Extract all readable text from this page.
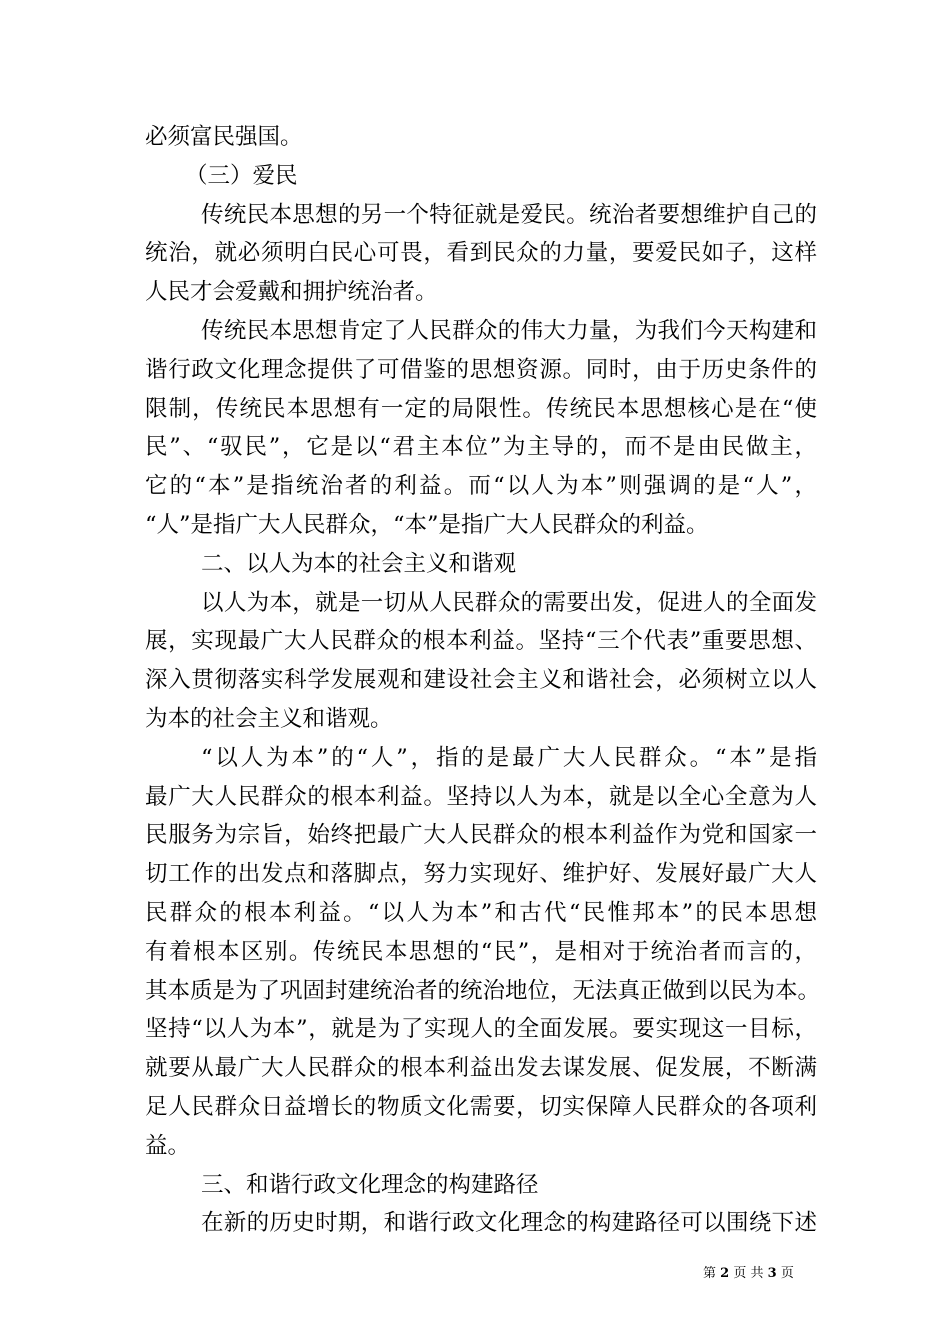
必须富民强国。
（三）爱民
传统民本思想的另一个特征就是爱民。统治者要想维护自己的
统治，就必须明白民心可畏，看到民众的力量，要爱民如子，这样
人民才会爱戴和拥护统治者。
传统民本思想肯定了人民群众的伟大力量，为我们今天构建和
谐行政文化理念提供了可借鉴的思想资源。同时，由于历史条件的
限制，传统民本思想有一定的局限性。传统民本思想核心是在“使
民”、“驭民”，它是以“君主本位”为主导的，而不是由民做主，
它的“本”是指统治者的利益。而“以人为本”则强调的是“人”，
“人”是指广大人民群众，“本”是指广大人民群众的利益。
二、以人为本的社会主义和谐观
以人为本，就是一切从人民群众的需要出发，促进人的全面发
展，实现最广大人民群众的根本利益。坚持“三个代表”重要思想、
深入贯彻落实科学发展观和建设社会主义和谐社会，必须树立以人
为本的社会主义和谐观。
“以人为本”的“人”，指的是最广大人民群众。“本”是指
最广大人民群众的根本利益。坚持以人为本，就是以全心全意为人
民服务为宗旨，始终把最广大人民群众的根本利益作为党和国家一
切工作的出发点和落脚点，努力实现好、维护好、发展好最广大人
民群众的根本利益。“以人为本”和古代“民惟邦本”的民本思想
有着根本区别。传统民本思想的“民”，是相对于统治者而言的，
其本质是为了巩固封建统治者的统治地位，无法真正做到以民为本。
坚持“以人为本”，就是为了实现人的全面发展。要实现这一目标，
就要从最广大人民群众的根本利益出发去谋发展、促发展，不断满
足人民群众日益增长的物质文化需要，切实保障人民群众的各项利
益。
三、和谐行政文化理念的构建路径
在新的历史时期，和谐行政文化理念的构建路径可以围绕下述
第 2 页 共 3 页
